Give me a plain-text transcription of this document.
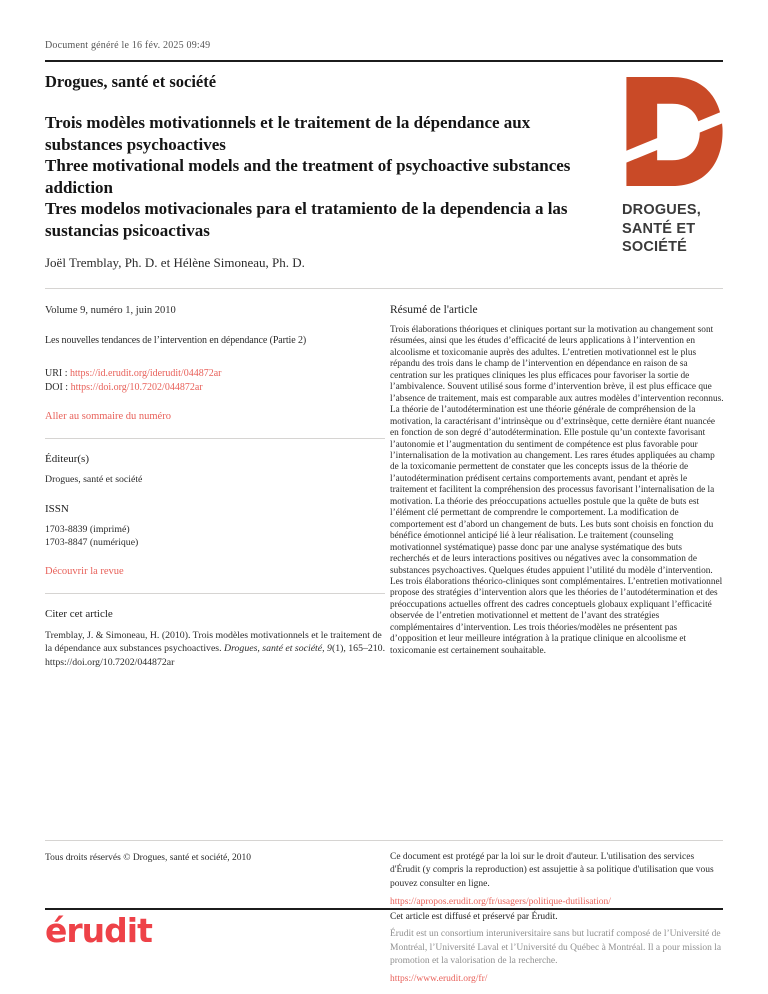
Document généré le 16 fév. 2025 09:49
Drogues, santé et société
Trois modèles motivationnels et le traitement de la dépendance aux substances psychoactives
Three motivational models and the treatment of psychoactive substances addiction
Tres modelos motivacionales para el tratamiento de la dependencia a las sustancias psicoactivas
Joël Tremblay, Ph. D. et Hélène Simoneau, Ph. D.
DROGUES,
SANTÉ ET
SOCIÉTÉ
Volume 9, numéro 1, juin 2010
Les nouvelles tendances de l’intervention en dépendance (Partie 2)
URI : https://id.erudit.org/iderudit/044872ar
DOI : https://doi.org/10.7202/044872ar
Aller au sommaire du numéro
Éditeur(s)
Drogues, santé et société
ISSN
1703-8839 (imprimé)
1703-8847 (numérique)
Découvrir la revue
Citer cet article
Tremblay, J. & Simoneau, H. (2010). Trois modèles motivationnels et le traitement de la dépendance aux substances psychoactives. Drogues, santé et société, 9(1), 165–210. https://doi.org/10.7202/044872ar
Résumé de l'article
Trois élaborations théoriques et cliniques portant sur la motivation au changement sont résumées, ainsi que les études d’efficacité de leurs applications à l’intervention en alcoolisme et toxicomanie auprès des adultes. L’entretien motivationnel est le plus répandu des trois dans le champ de l’intervention en dépendance en raison de sa centration sur les pratiques cliniques les plus efficaces pour favoriser la sortie de l’ambivalence. Souvent utilisé sous forme d’intervention brève, il est plus efficace que l’absence de traitement, mais est comparable aux autres modèles d’intervention reconnus. La théorie de l’autodétermination est une théorie générale de compréhension de la motivation, la caractérisant d’intrinsèque ou d’extrinsèque, cette dernière étant nuancée en fonction de son degré d’autodétermination. Elle postule qu’un contexte favorisant l’autonomie et l’augmentation du sentiment de compétence est plus favorable pour l’internalisation de la motivation au changement. Les rares études appliquées au champ de la toxicomanie permettent de constater que les concepts issus de la théorie de l’autodétermination prédisent certains comportements avant, pendant et après le traitement et facilitent la compréhension des processus favorisant l’internalisation de la motivation. La théorie des préoccupations actuelles postule que la quête de buts est l’élément clé permettant de comprendre le comportement. La modification de comportement est d’abord un changement de buts. Les buts sont choisis en fonction du bénéfice émotionnel anticipé lié à leur réalisation. Le traitement (counseling motivationnel systématique) passe donc par une analyse systématique des buts recherchés et de leurs interactions positives ou négatives avec la consommation de substances psychoactives. Quelques études appuient l’utilité du modèle d’intervention. Les trois élaborations théorico-cliniques sont complémentaires. L’entretien motivationnel propose des stratégies d’intervention alors que les théories de l’autodétermination et des préoccupations actuelles offrent des cadres conceptuels globaux expliquant l’efficacité observée de l’entretien motivationnel et mettent de l’avant des stratégies complémentaires d’intervention. Les trois théories/modèles ne présentent pas d’opposition et leur meilleure intégration à la pratique clinique en alcoolisme et toxicomanie est certainement souhaitable.
Tous droits réservés © Drogues, santé et société, 2010	Ce document est protégé par la loi sur le droit d'auteur. L'utilisation des services d'Érudit (y compris la reproduction) est assujettie à sa politique d'utilisation que vous pouvez consulter en ligne.
https://apropos.erudit.org/fr/usagers/politique-dutilisation/
érudit	Cet article est diffusé et préservé par Érudit.
Érudit est un consortium interuniversitaire sans but lucratif composé de l’Université de Montréal, l’Université Laval et l’Université du Québec à Montréal. Il a pour mission la promotion et la valorisation de la recherche.
https://www.erudit.org/fr/
